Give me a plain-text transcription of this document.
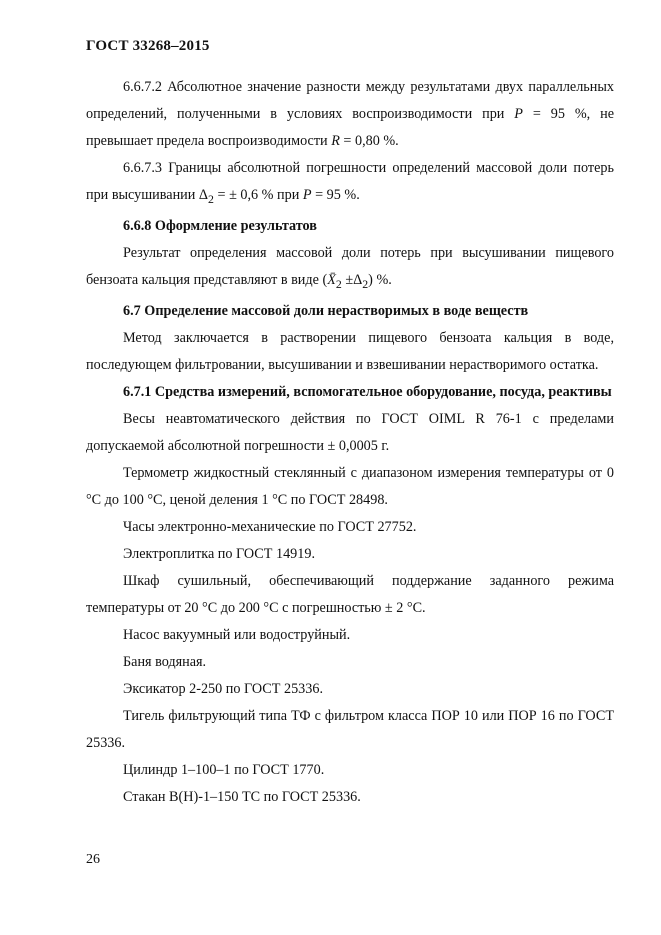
ГОСТ 33268–2015

6.6.7.2 Абсолютное значение разности между результатами двух параллельных определений, полученными в условиях воспроизводимости при P = 95 %, не превышает предела воспроизводимости R = 0,80 %.

6.6.7.3 Границы абсолютной погрешности определений массовой доли потерь при высушивании $\Delta_2$ = ± 0,6 % при P = 95 %.

6.6.8 Оформление результатов

Результат определения массовой доли потерь при высушивании пищевого бензоата кальция представляют в виде $(X̄_2 \pm\Delta_2)$ %.

6.7 Определение массовой доли нерастворимых в воде веществ

Метод заключается в растворении пищевого бензоата кальция в воде, последующем фильтровании, высушивании и взвешивании нерастворимого остатка.

6.7.1 Средства измерений, вспомогательное оборудование, посуда, реактивы

Весы неавтоматического действия по ГОСТ OIML R 76-1 с пределами допускаемой абсолютной погрешности ± 0,0005 г.

Термометр жидкостный стеклянный с диапазоном измерения температуры от 0 °С до 100 °С, ценой деления 1 °С по ГОСТ 28498.

Часы электронно-механические по ГОСТ 27752.

Электроплитка по ГОСТ 14919.

Шкаф сушильный, обеспечивающий поддержание заданного режима температуры от 20 °С до 200 °С с погрешностью ± 2 °С.

Насос вакуумный или водоструйный.

Баня водяная.

Эксикатор 2-250 по ГОСТ 25336.

Тигель фильтрующий типа ТФ с фильтром класса ПОР 10 или ПОР 16 по ГОСТ 25336.

Цилиндр 1–100–1 по ГОСТ 1770.

Стакан В(Н)-1–150 ТС по ГОСТ 25336.

26
